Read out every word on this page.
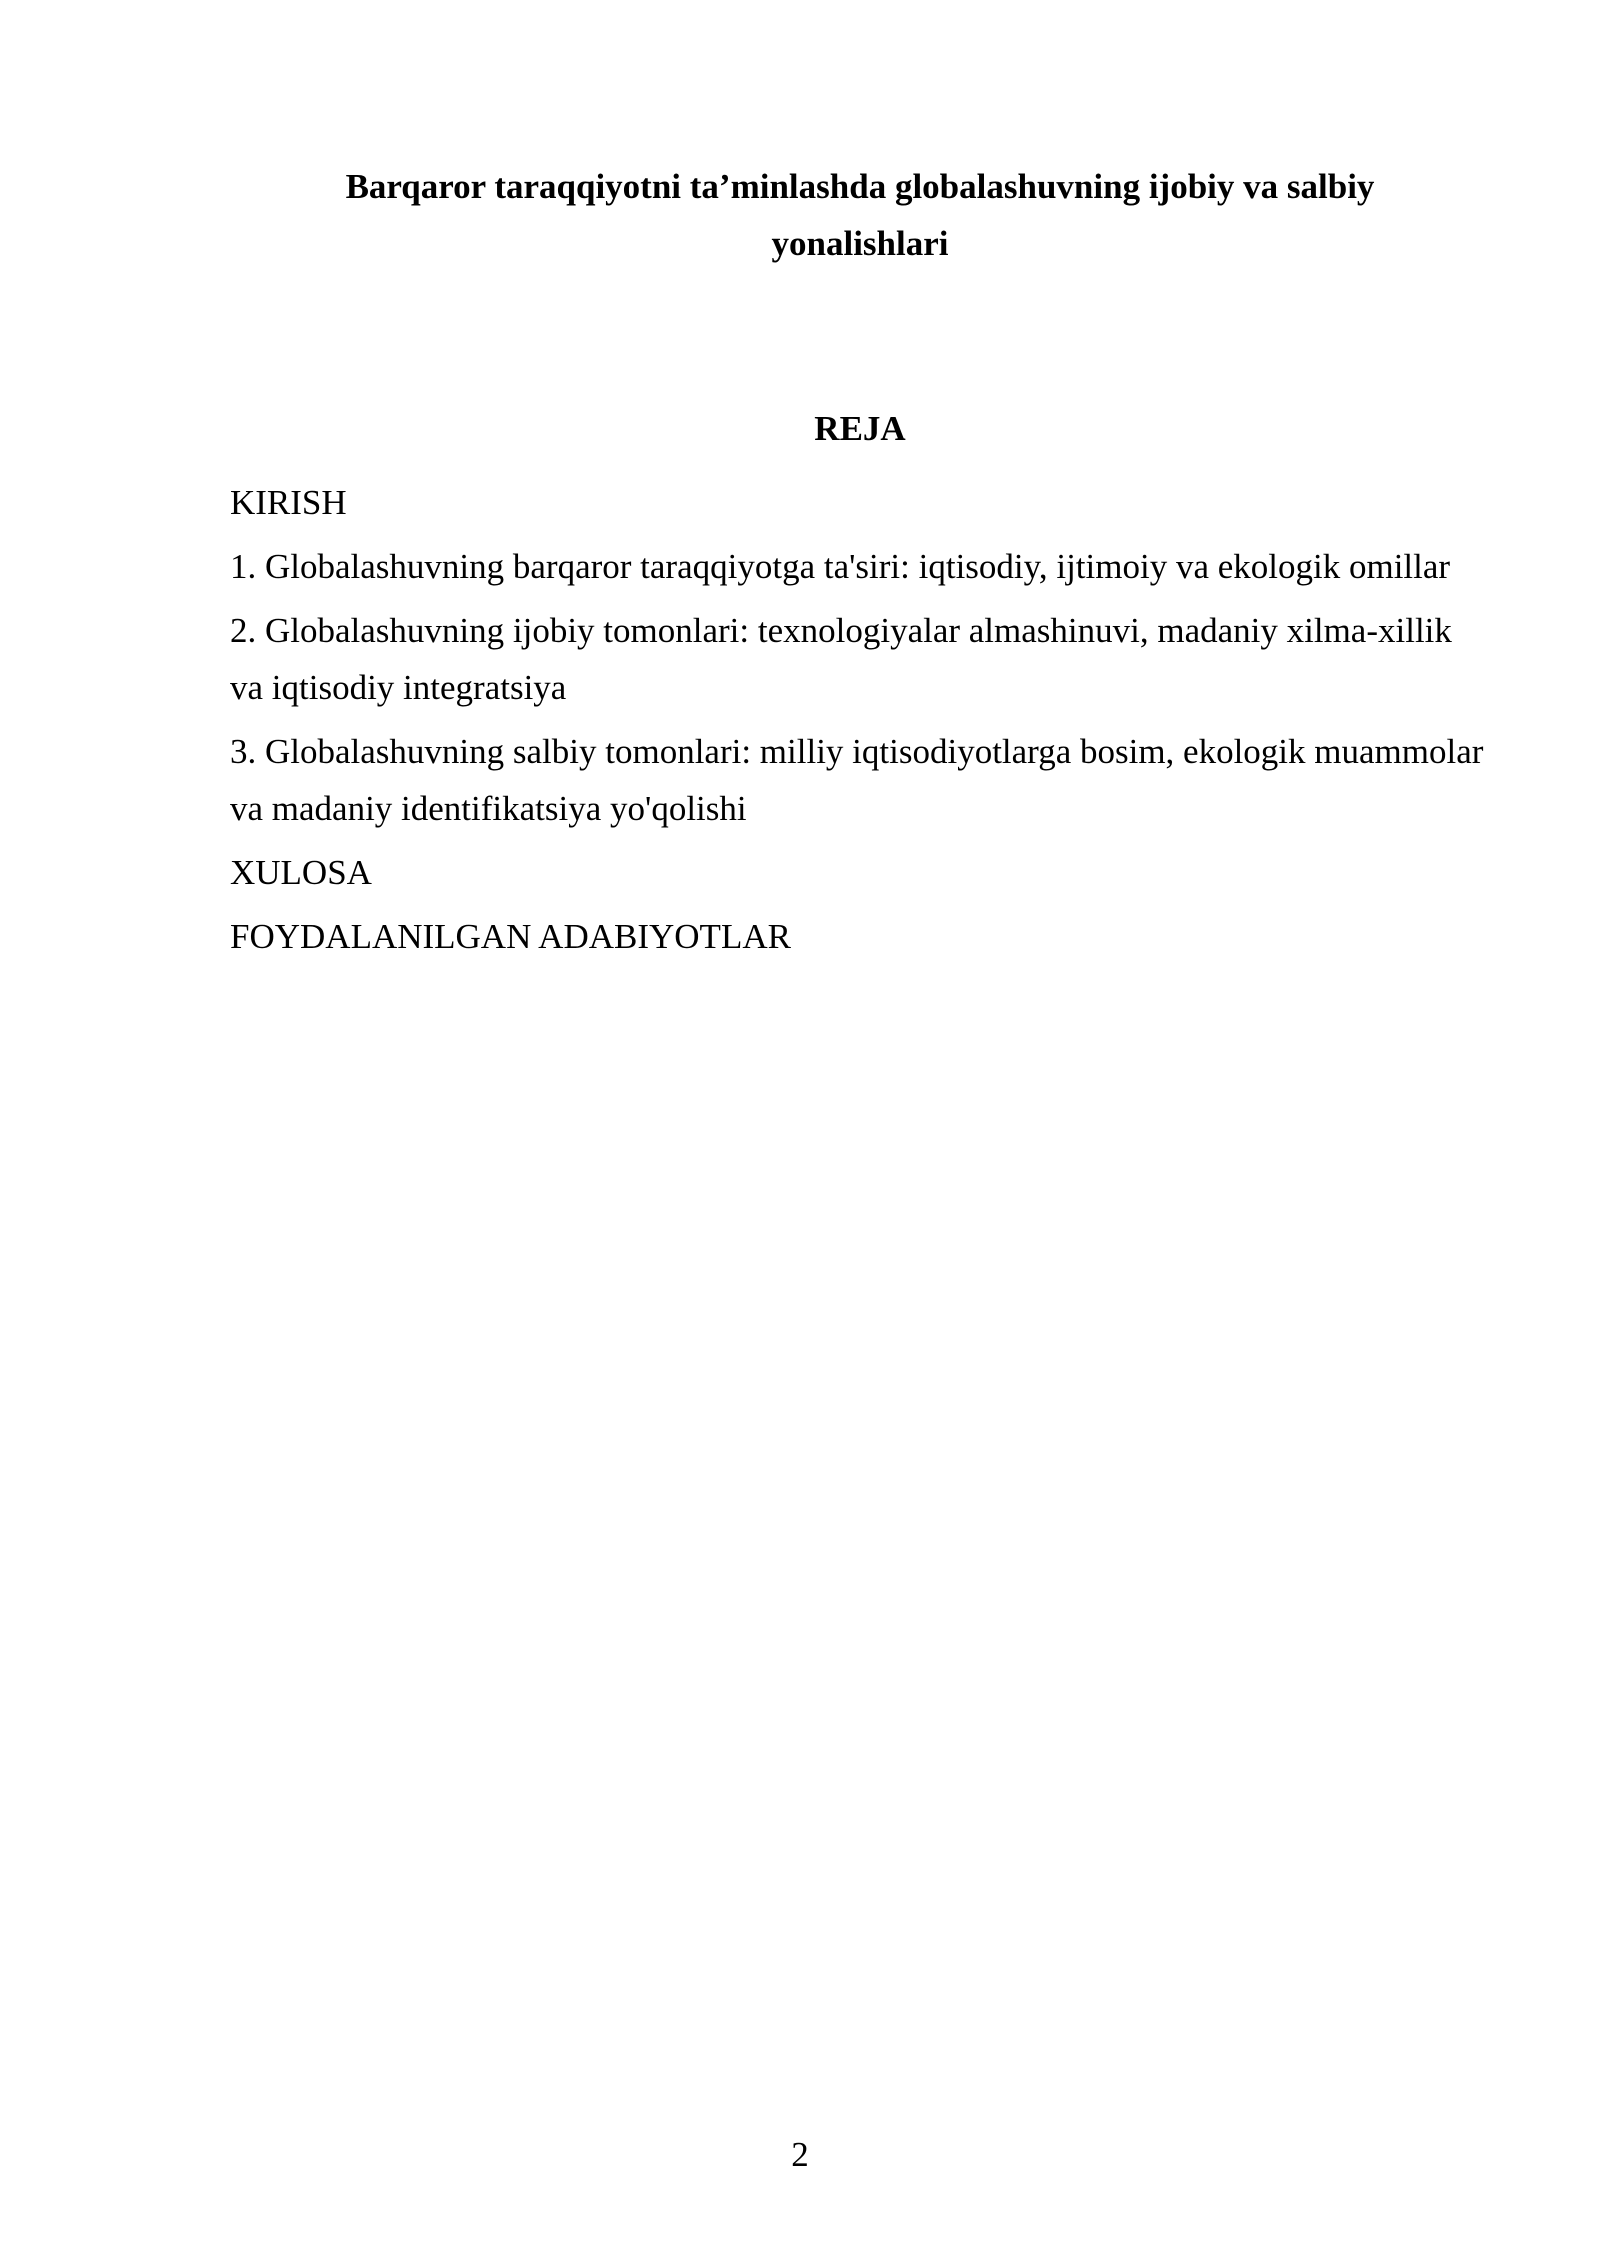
Barqaror taraqqiyotni ta’minlashda globalashuvning ijobiy va salbiy yonalishlari
REJA
KIRISH
1. Globalashuvning barqaror taraqqiyotga ta'siri: iqtisodiy, ijtimoiy va ekologik omillar
2. Globalashuvning ijobiy tomonlari: texnologiyalar almashinuvi, madaniy xilma-xillik va iqtisodiy integratsiya
3. Globalashuvning salbiy tomonlari: milliy iqtisodiyotlarga bosim, ekologik muammolar va madaniy identifikatsiya yo'qolishi
XULOSA
FOYDALANILGAN ADABIYOTLAR
2
